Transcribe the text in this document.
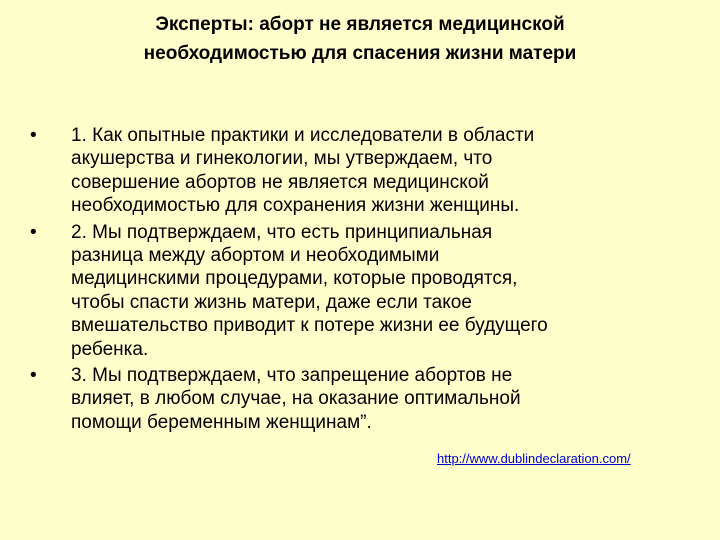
Эксперты: аборт не является медицинской
необходимостью для спасения жизни матери
•	1. Как опытные практики и исследователи в области
акушерства и гинекологии, мы утверждаем, что
совершение абортов не является медицинской
необходимостью для сохранения жизни женщины.
•	2. Мы подтверждаем, что есть принципиальная
разница между абортом и необходимыми
медицинскими процедурами, которые проводятся,
чтобы спасти жизнь матери, даже если такое
вмешательство приводит к потере жизни ее будущего
ребенка.
•	3. Мы подтверждаем, что запрещение абортов не
влияет, в любом случае, на оказание оптимальной
помощи беременным женщинам”.
http://www.dublindeclaration.com/
